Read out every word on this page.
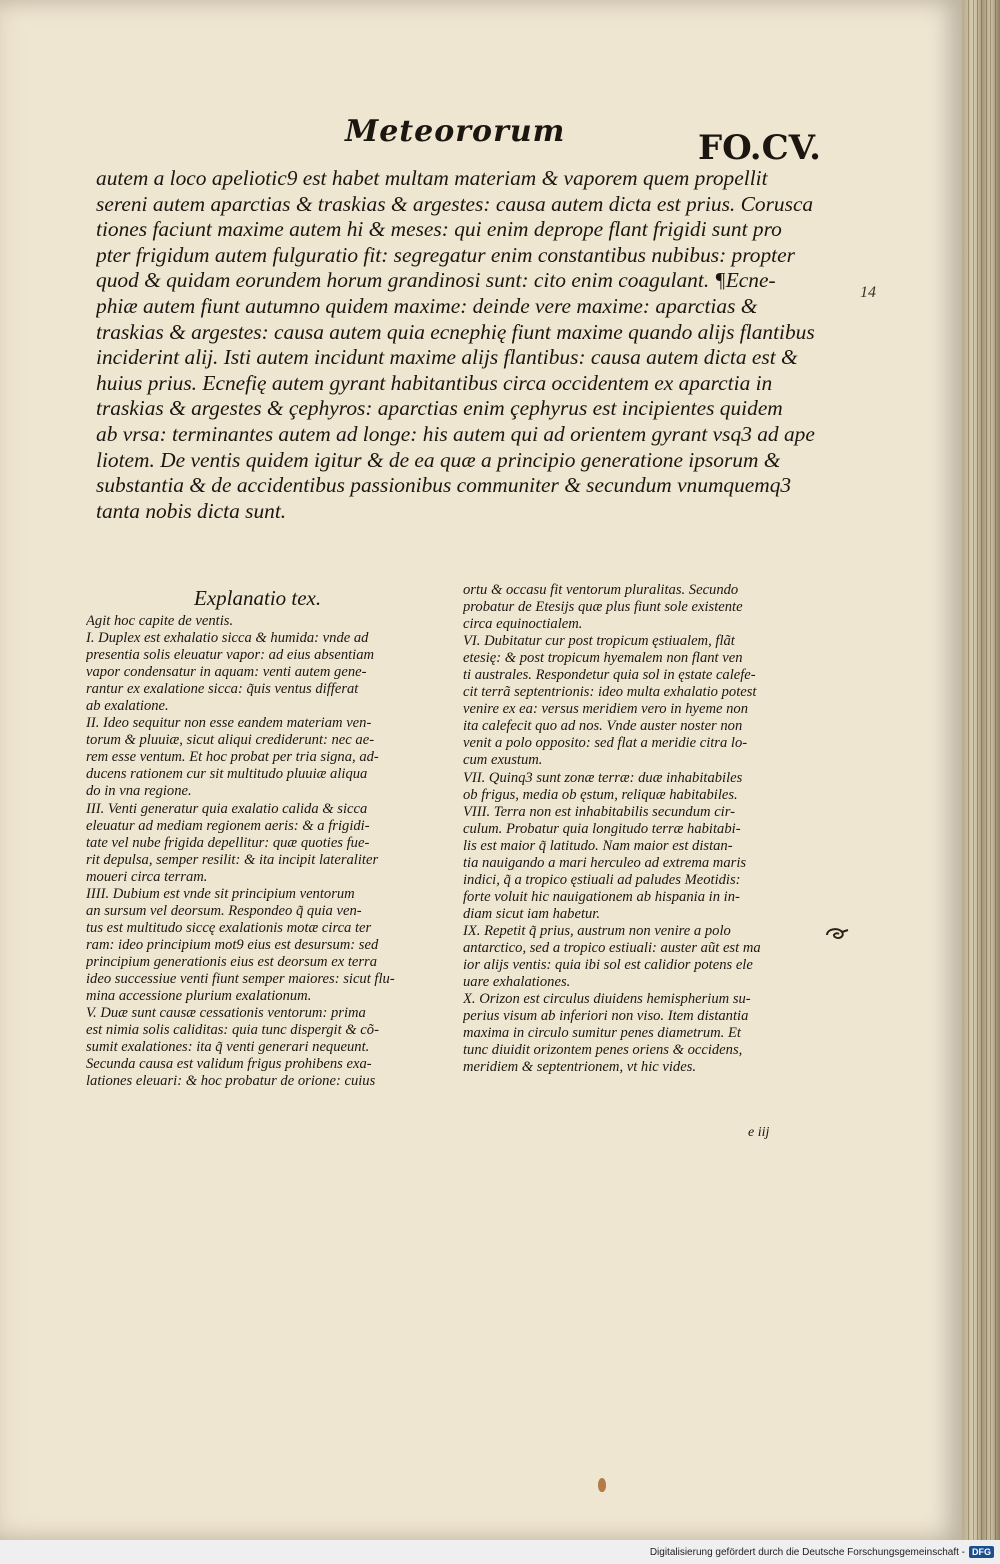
Meteororum	FO.CV.
autem a loco apeliotic9 est habet multam materiam & vaporem quem propellit
sereni autem aparctias & traskias & argestes: causa autem dicta est prius. Corusca
tiones faciunt maxime autem hi & meses: qui enim deprope flant frigidi sunt pro
pter frigidum autem fulguratio fit: segregatur enim constantibus nubibus: propter
quod & quidam eorundem horum grandinosi sunt: cito enim coagulant. ¶Ecne-
phiæ autem fiunt autumno quidem maxime: deinde vere maxime: aparctias &
traskias & argestes: causa autem quia ecnephię fiunt maxime quando alijs flantibus
inciderint alij. Isti autem incidunt maxime alijs flantibus: causa autem dicta est &
huius prius. Ecnefię autem gyrant habitantibus circa occidentem ex aparctia in
traskias & argestes & çephyros: aparctias enim çephyrus est incipientes quidem
ab vrsa: terminantes autem ad longe: his autem qui ad orientem gyrant vsq3 ad ape
liotem. De ventis quidem igitur & de ea quæ a principio generatione ipsorum &
substantia & de accidentibus passionibus communiter & secundum vnumquemq3
tanta nobis dicta sunt.
14
Explanatio tex.
Agit hoc capite de ventis.
I. Duplex est exhalatio sicca & humida: vnde ad
presentia solis eleuatur vapor: ad eius absentiam
vapor condensatur in aquam: venti autem gene-
rantur ex exalatione sicca: q̃uis ventus differat
ab exalatione.
II. Ideo sequitur non esse eandem materiam ven-
torum & pluuiæ, sicut aliqui crediderunt: nec ae-
rem esse ventum. Et hoc probat per tria signa, ad-
ducens rationem cur sit multitudo pluuiæ aliqua
do in vna regione.
III. Venti generatur quia exalatio calida & sicca
eleuatur ad mediam regionem aeris: & a frigidi-
tate vel nube frigida depellitur: quæ quoties fue-
rit depulsa, semper resilit: & ita incipit lateraliter
moueri circa terram.
IIII. Dubium est vnde sit principium ventorum
an sursum vel deorsum. Respondeo q̃ quia ven-
tus est multitudo siccę exalationis motæ circa ter
ram: ideo principium mot9 eius est desursum: sed
principium generationis eius est deorsum ex terra
ideo successiue venti fiunt semper maiores: sicut flu-
mina accessione plurium exalationum.
V. Duæ sunt causæ cessationis ventorum: prima
est nimia solis caliditas: quia tunc dispergit & cõ-
sumit exalationes: ita q̃ venti generari nequeunt.
Secunda causa est validum frigus prohibens exa-
lationes eleuari: & hoc probatur de orione: cuius
ortu & occasu fit ventorum pluralitas. Secundo
probatur de Etesijs quæ plus fiunt sole existente
circa equinoctialem.
VI. Dubitatur cur post tropicum ęstiualem, flãt
etesię: & post tropicum hyemalem non flant ven
ti australes. Respondetur quia sol in ęstate calefe-
cit terrã septentrionis: ideo multa exhalatio potest
venire ex ea: versus meridiem vero in hyeme non
ita calefecit quo ad nos. Vnde auster noster non
venit a polo opposito: sed flat a meridie citra lo-
cum exustum.
VII. Quinq3 sunt zonæ terræ: duæ inhabitabiles
ob frigus, media ob ęstum, reliquæ habitabiles.
VIII. Terra non est inhabitabilis secundum cir-
culum. Probatur quia longitudo terræ habitabi-
lis est maior q̃ latitudo. Nam maior est distan-
tia nauigando a mari herculeo ad extrema maris
indici, q̃ a tropico ęstiuali ad paludes Meotidis:
forte voluit hic nauigationem ab hispania in in-
diam sicut iam habetur.
IX. Repetit q̃ prius, austrum non venire a polo
antarctico, sed a tropico estiuali: auster aũt est ma
ior alijs ventis: quia ibi sol est calidior potens ele
uare exhalationes.
X. Orizon est circulus diuidens hemispherium su-
perius visum ab inferiori non viso. Item distantia
maxima in circulo sumitur penes diametrum. Et
tunc diuidit orizontem penes oriens & occidens,
meridiem & septentrionem, vt hic vides.
e iij
Digitalisierung gefördert durch die Deutsche Forschungsgemeinschaft - DFG
